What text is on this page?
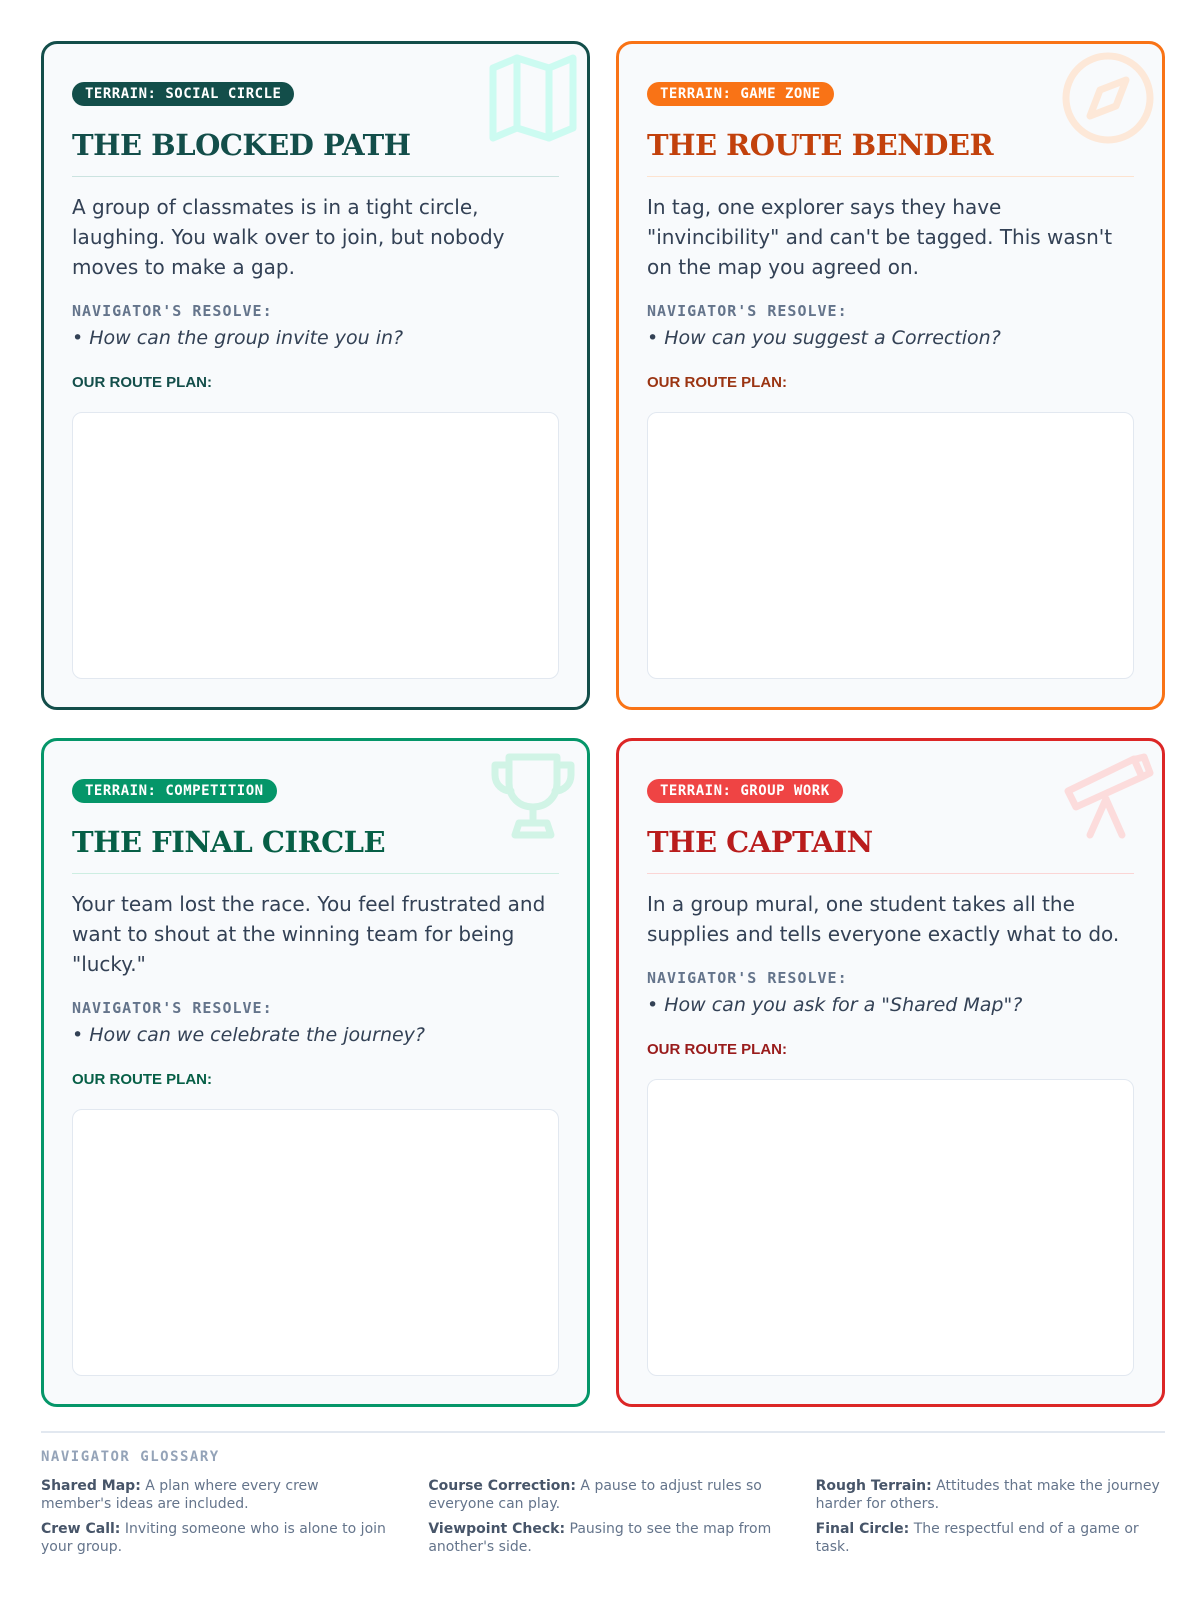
TERRAIN: SOCIAL CIRCLE
THE BLOCKED PATH
A group of classmates is in a tight circle, laughing. You walk over to join, but nobody moves to make a gap.
NAVIGATOR'S RESOLVE:
• How can the group invite you in?
OUR ROUTE PLAN:
TERRAIN: GAME ZONE
THE ROUTE BENDER
In tag, one explorer says they have "invincibility" and can't be tagged. This wasn't on the map you agreed on.
NAVIGATOR'S RESOLVE:
• How can you suggest a Correction?
OUR ROUTE PLAN:
TERRAIN: COMPETITION
THE FINAL CIRCLE
Your team lost the race. You feel frustrated and want to shout at the winning team for being "lucky."
NAVIGATOR'S RESOLVE:
• How can we celebrate the journey?
OUR ROUTE PLAN:
TERRAIN: GROUP WORK
THE CAPTAIN
In a group mural, one student takes all the supplies and tells everyone exactly what to do.
NAVIGATOR'S RESOLVE:
• How can you ask for a "Shared Map"?
OUR ROUTE PLAN:
NAVIGATOR GLOSSARY
Shared Map: A plan where every crew member's ideas are included.
Course Correction: A pause to adjust rules so everyone can play.
Rough Terrain: Attitudes that make the journey harder for others.
Crew Call: Inviting someone who is alone to join your group.
Viewpoint Check: Pausing to see the map from another's side.
Final Circle: The respectful end of a game or task.
